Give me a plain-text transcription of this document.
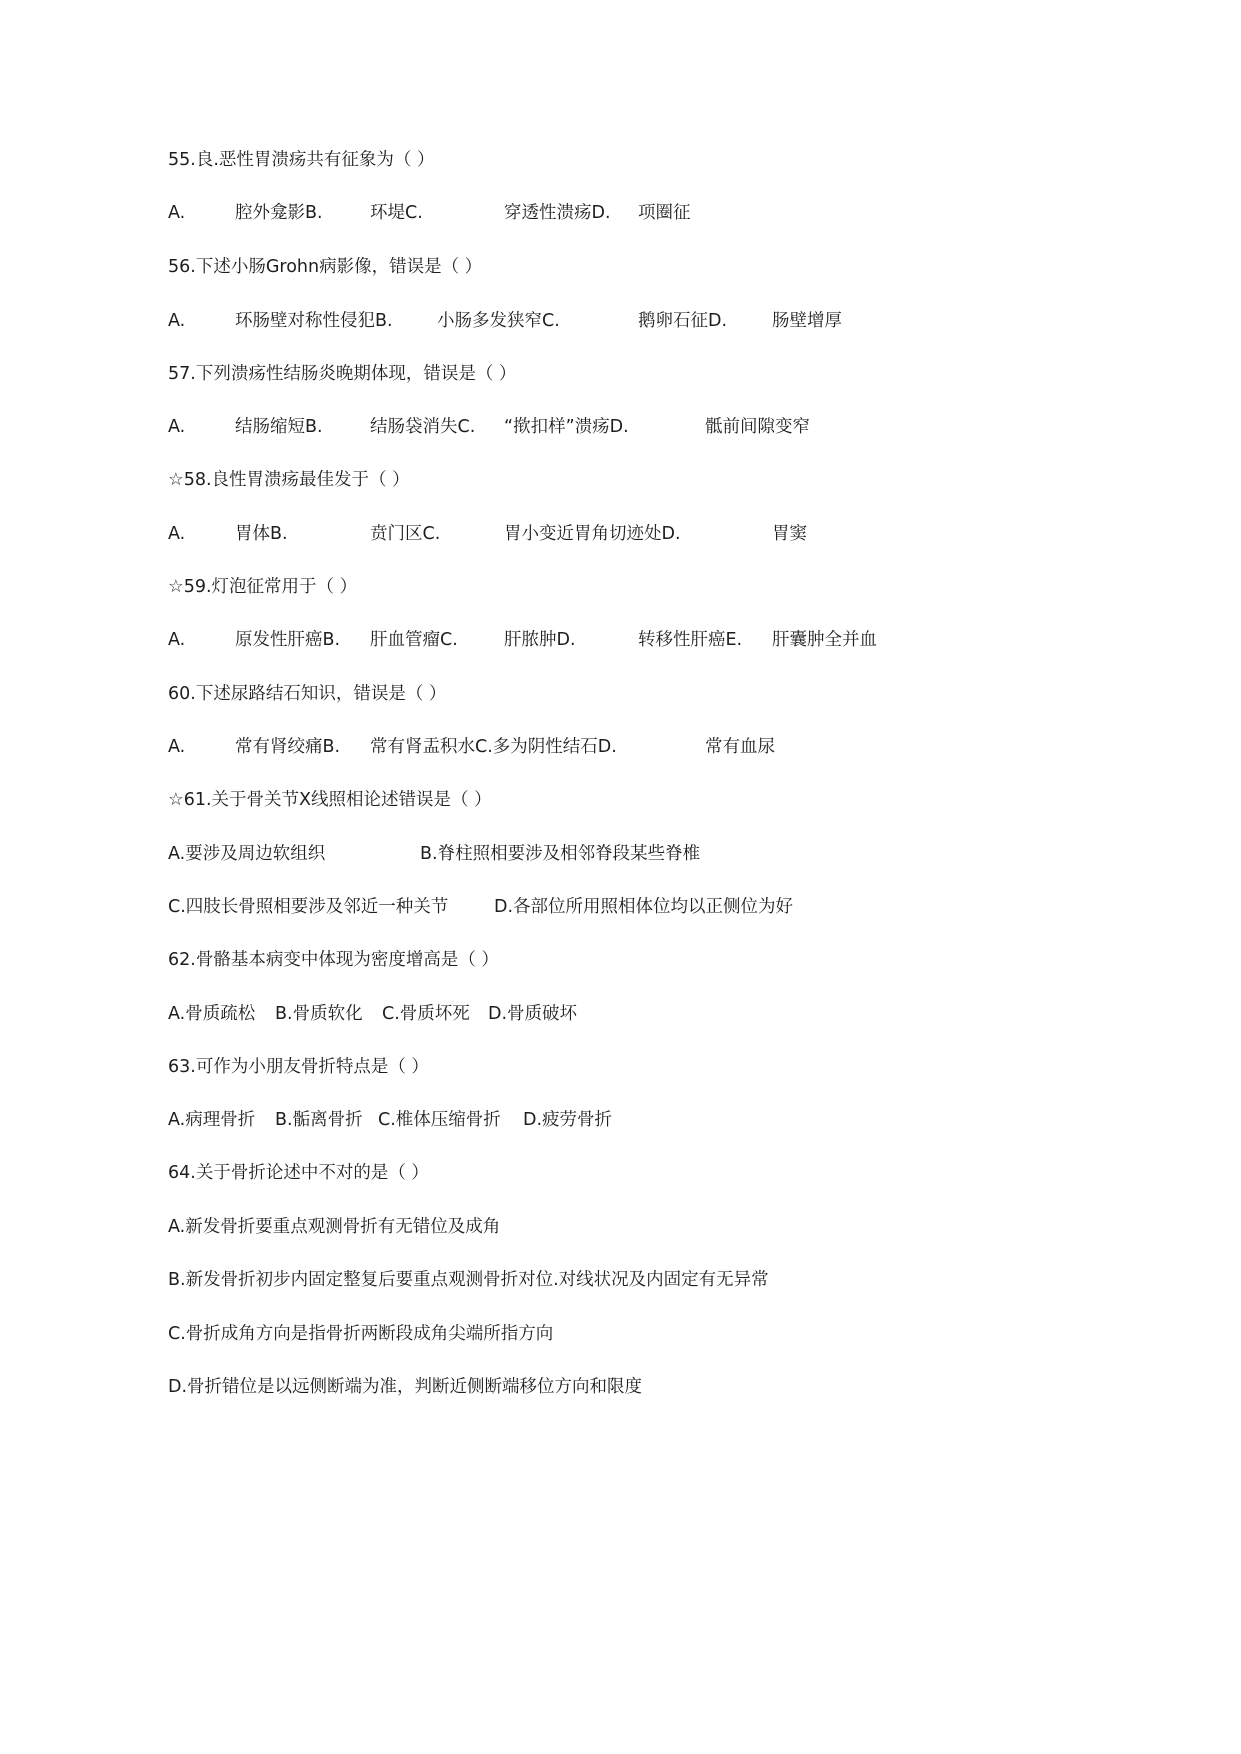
55.良.恶性胃溃疡共有征象为（ ）
A.	腔外龛影B.	环堤C.	穿透性溃疡D. 项圈征
56.下述小肠Grohn病影像，错误是（ ）
A.	环肠壁对称性侵犯B.	小肠多发狭窄C.	鹅卵石征D.	肠壁增厚
57.下列溃疡性结肠炎晚期体现，错误是（ ）
A.	结肠缩短B.	结肠袋消失C. “揿扣样”溃疡D.	骶前间隙变窄
☆58.良性胃溃疡最佳发于（ ）
A.	胃体B.	贲门区C.	胃小变近胃角切迹处D.	胃窦
☆59.灯泡征常用于（ ）
A.	原发性肝癌B. 肝血管瘤C.	肝脓肿D.	转移性肝癌E. 肝囊肿全并血
60.下述尿路结石知识，错误是（ ）
A.	常有肾绞痛B. 常有肾盂积水C.多为阴性结石D.	常有血尿
☆61.关于骨关节X线照相论述错误是（ ）
A.要涉及周边软组织	B.脊柱照相要涉及相邻脊段某些脊椎
C.四肢长骨照相要涉及邻近一种关节	D.各部位所用照相体位均以正侧位为好
62.骨骼基本病变中体现为密度增高是（ ）
A.骨质疏松 B.骨质软化 C.骨质坏死 D.骨质破坏
63.可作为小朋友骨折特点是（ ）
A.病理骨折 B.骺离骨折 C.椎体压缩骨折 D.疲劳骨折
64.关于骨折论述中不对的是（ ）
A.新发骨折要重点观测骨折有无错位及成角
B.新发骨折初步内固定整复后要重点观测骨折对位.对线状况及内固定有无异常
C.骨折成角方向是指骨折两断段成角尖端所指方向
D.骨折错位是以远侧断端为准，判断近侧断端移位方向和限度
